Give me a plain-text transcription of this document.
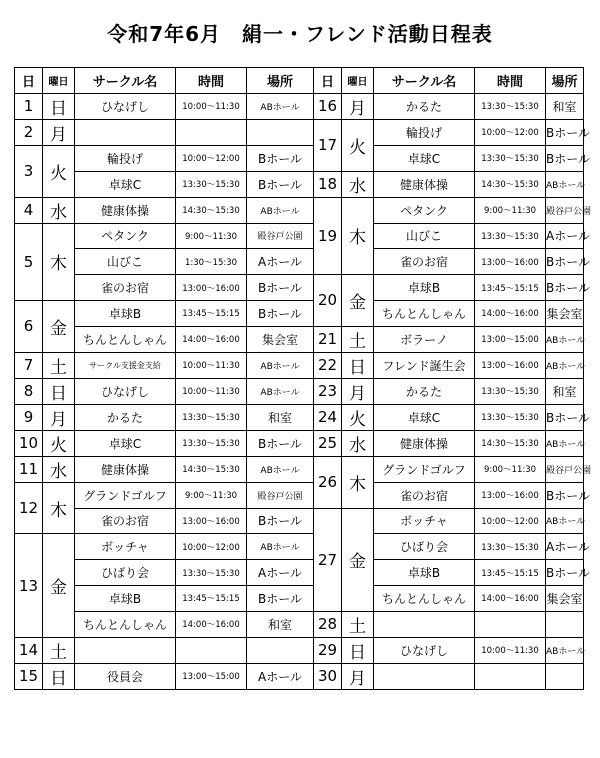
令和7年6月　絹一・フレンド活動日程表
日	曜日	サークル名	時間	場所	日	曜日	サークル名	時間	場所
1	日	ひなげし	10:00～11:30	ABホール	16	月	かるた	13:30～15:30	和室
2	月				17	火	輪投げ	10:00～12:00	Bホール
3	火	輪投げ	10:00～12:00	Bホール			卓球C	13:30～15:30	Bホール
		卓球C	13:30～15:30	Bホール	18	水	健康体操	14:30～15:30	ABホール
4	水	健康体操	14:30～15:30	ABホール	19	木	ペタンク	9:00～11:30	殿谷戸公園
5	木	ペタンク	9:00～11:30	殿谷戸公園			山びこ	13:30～15:30	Aホール
		山びこ	1:30～15:30	Aホール			雀のお宿	13:00～16:00	Bホール
		雀のお宿	13:00～16:00	Bホール	20	金	卓球B	13:45～15:15	Bホール
6	金	卓球B	13:45～15:15	Bホール			ちんとんしゃん	14:00～16:00	集会室
		ちんとんしゃん	14:00～16:00	集会室	21	土	ボラーノ	13:00～15:00	ABホール
7	土	サークル支援金支給	10:00～11:30	ABホール	22	日	フレンド誕生会	13:00～16:00	ABホール
8	日	ひなげし	10:00～11:30	ABホール	23	月	かるた	13:30～15:30	和室
9	月	かるた	13:30～15:30	和室	24	火	卓球C	13:30～15:30	Bホール
10	火	卓球C	13:30～15:30	Bホール	25	水	健康体操	14:30～15:30	ABホール
11	水	健康体操	14:30～15:30	ABホール	26	木	グランドゴルフ	9:00～11:30	殿谷戸公園
12	木	グランドゴルフ	9:00～11:30	殿谷戸公園			雀のお宿	13:00～16:00	Bホール
		雀のお宿	13:00～16:00	Bホール	27	金	ボッチャ	10:00～12:00	ABホール
13	金	ボッチャ	10:00～12:00	ABホール			ひばり会	13:30～15:30	Aホール
		ひばり会	13:30～15:30	Aホール			卓球B	13:45～15:15	Bホール
		卓球B	13:45～15:15	Bホール			ちんとんしゃん	14:00～16:00	集会室
		ちんとんしゃん	14:00～16:00	和室	28	土			
14	土				29	日	ひなげし	10:00～11:30	ABホール
15	日	役員会	13:00～15:00	Aホール	30	月			
